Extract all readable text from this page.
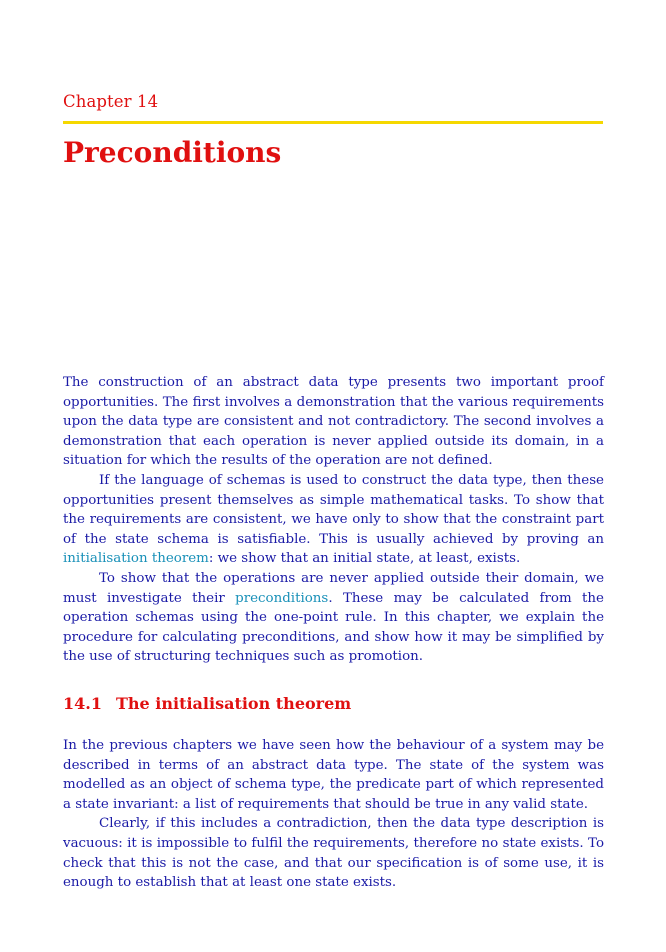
Chapter 14
Preconditions

The construction of an abstract data type presents two important proof opportunities. The first involves a demonstration that the various requirements upon the data type are consistent and not contradictory. The second involves a demonstration that each operation is never applied outside its domain, in a situation for which the results of the operation are not defined.

If the language of schemas is used to construct the data type, then these opportunities present themselves as simple mathematical tasks. To show that the requirements are consistent, we have only to show that the constraint part of the state schema is satisfiable. This is usually achieved by proving an initialisation theorem: we show that an initial state, at least, exists.

To show that the operations are never applied outside their domain, we must investigate their preconditions. These may be calculated from the operation schemas using the one-point rule. In this chapter, we explain the procedure for calculating preconditions, and show how it may be simplified by the use of structuring techniques such as promotion.

14.1 The initialisation theorem

In the previous chapters we have seen how the behaviour of a system may be described in terms of an abstract data type. The state of the system was modelled as an object of schema type, the predicate part of which represented a state invariant: a list of requirements that should be true in any valid state.

Clearly, if this includes a contradiction, then the data type description is vacuous: it is impossible to fulfil the requirements, therefore no state exists. To check that this is not the case, and that our specification is of some use, it is enough to establish that at least one state exists.
